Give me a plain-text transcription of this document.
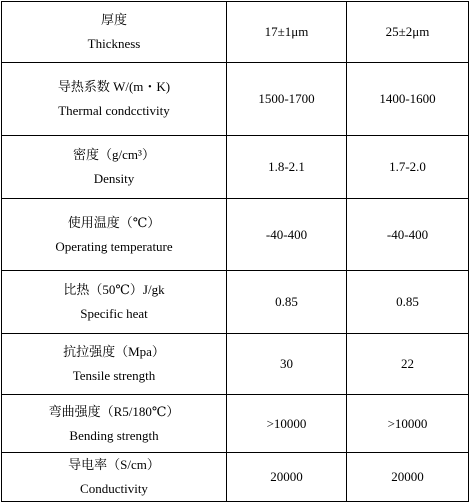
厚度
Thickness	17±1μm	25±2μm

导热系数 W/(m・K)
Thermal condcctivity	1500-1700	1400-1600

密度（g/cm³）
Density	1.8-2.1	1.7-2.0

使用温度（℃）
Operating temperature	-40-400	-40-400

比热（50℃）J/gk
Specific heat	0.85	0.85

抗拉强度（Mpa）
Tensile strength	30	22

弯曲强度（R5/180℃）
Bending strength	>10000	>10000

导电率（S/cm）
Conductivity	20000	20000
